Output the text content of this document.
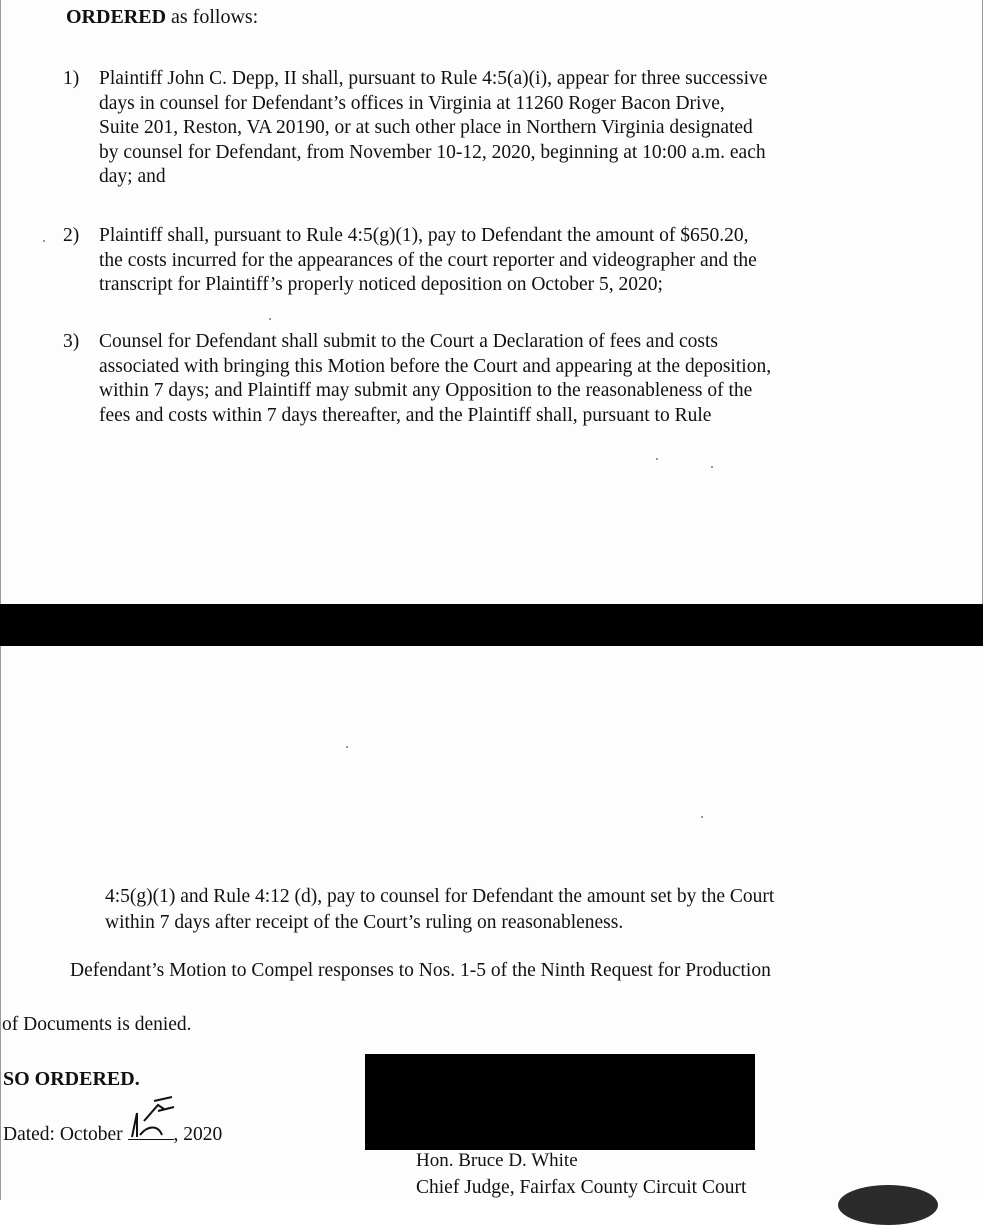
ORDERED as follows:
1) Plaintiff John C. Depp, II shall, pursuant to Rule 4:5(a)(i), appear for three successive

days in counsel for Defendant’s offices in Virginia at 11260 Roger Bacon Drive,

Suite 201, Reston, VA 20190, or at such other place in Northern Virginia designated

by counsel for Defendant, from November 10-12, 2020, beginning at 10:00 a.m. each

day; and

2) Plaintiff shall, pursuant to Rule 4:5(g)(1), pay to Defendant the amount of $650.20,

the costs incurred for the appearances of the court reporter and videographer and the

transcript for Plaintiff’s properly noticed deposition on October 5, 2020;

3) Counsel for Defendant shall submit to the Court a Declaration of fees and costs

associated with bringing this Motion before the Court and appearing at the deposition,

within 7 days; and Plaintiff may submit any Opposition to the reasonableness of the

fees and costs within 7 days thereafter, and the Plaintiff shall, pursuant to Rule

4:5(g)(1) and Rule 4:12 (d), pay to counsel for Defendant the amount set by the Court

within 7 days after receipt of the Court’s ruling on reasonableness.

Defendant’s Motion to Compel responses to Nos. 1-5 of the Ninth Request for Production
of Documents is denied.
SO ORDERED.
Dated: October
, 2020
Hon. Bruce D. White
Chief Judge, Fairfax County Circuit Court
